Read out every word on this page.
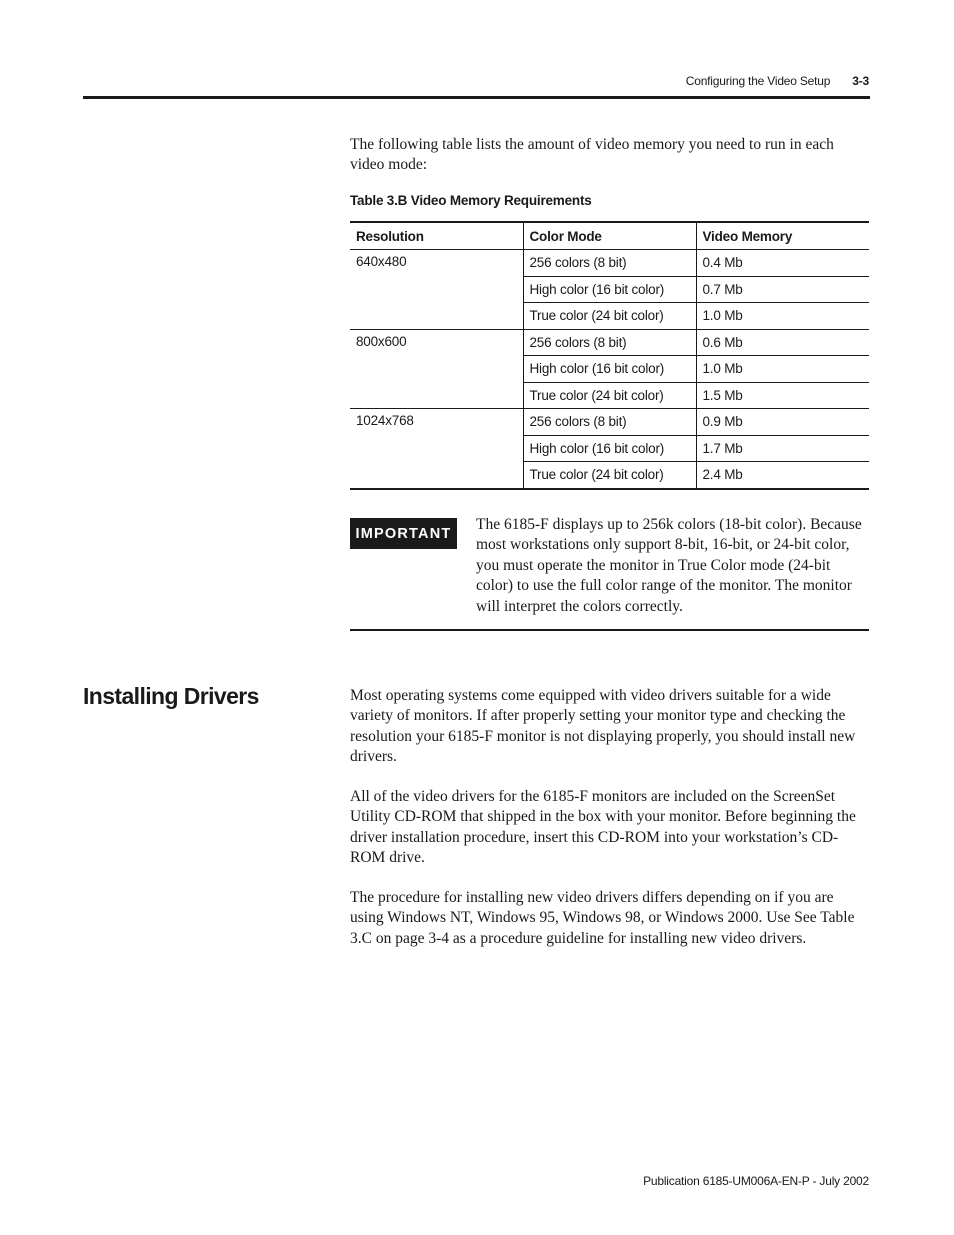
Configuring the Video Setup 3-3

The following table lists the amount of video memory you need to run in each video mode:

Table 3.B Video Memory Requirements
Resolution	Color Mode	Video Memory
640x480	256 colors (8 bit)	0.4 Mb
	High color (16 bit color)	0.7 Mb
	True color (24 bit color)	1.0 Mb
800x600	256 colors (8 bit)	0.6 Mb
	High color (16 bit color)	1.0 Mb
	True color (24 bit color)	1.5 Mb
1024x768	256 colors (8 bit)	0.9 Mb
	High color (16 bit color)	1.7 Mb
	True color (24 bit color)	2.4 Mb
IMPORTANT

The 6185-F displays up to 256k colors (18-bit color). Because most workstations only support 8-bit, 16-bit, or 24-bit color, you must operate the monitor in True Color mode (24-bit color) to use the full color range of the monitor. The monitor will interpret the colors correctly.

Installing Drivers	Most operating systems come equipped with video drivers suitable for a wide variety of monitors. If after properly setting your monitor type and checking the resolution your 6185-F monitor is not displaying properly, you should install new drivers.

All of the video drivers for the 6185-F monitors are included on the ScreenSet Utility CD-ROM that shipped in the box with your monitor. Before beginning the driver installation procedure, insert this CD-ROM into your workstation’s CD-ROM drive.

The procedure for installing new video drivers differs depending on if you are using Windows NT, Windows 95, Windows 98, or Windows 2000. Use See Table 3.C on page 3-4 as a procedure guideline for installing new video drivers.

Publication 6185-UM006A-EN-P - July 2002
